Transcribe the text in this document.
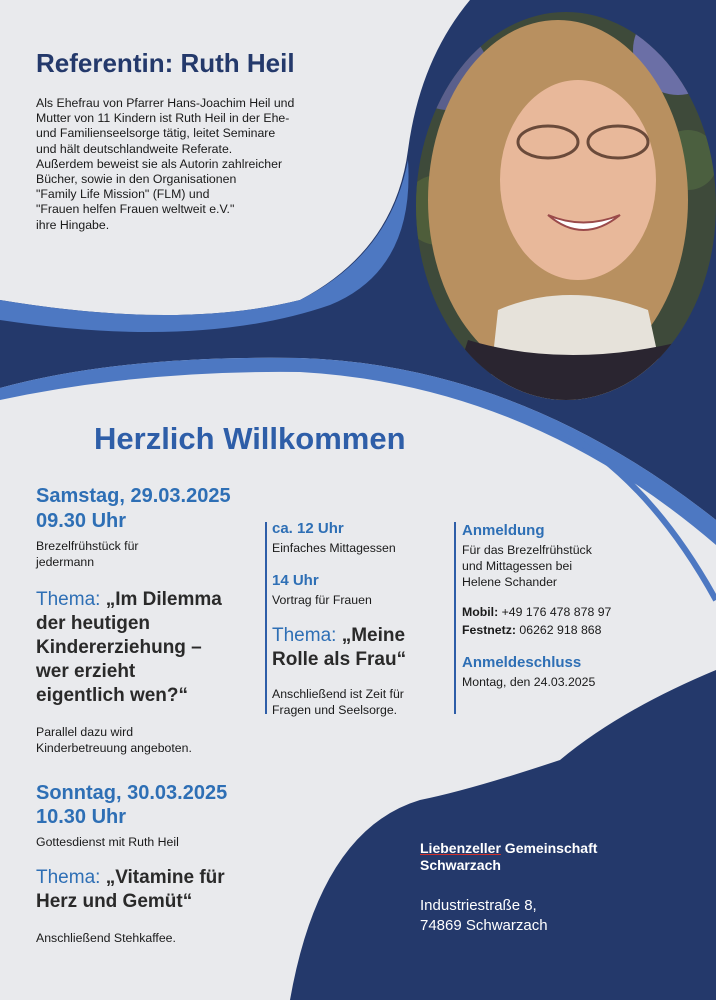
Referentin: Ruth Heil
Als Ehefrau von Pfarrer Hans-Joachim Heil und
Mutter von 11 Kindern ist Ruth Heil in der Ehe-
und Familienseelsorge tätig, leitet Seminare
und hält deutschlandweite Referate.
Außerdem beweist sie als Autorin zahlreicher
Bücher, sowie in den Organisationen
"Family Life Mission" (FLM) und
"Frauen helfen Frauen weltweit e.V."
ihre Hingabe.
Herzlich Willkommen
Samstag, 29.03.2025
09.30 Uhr
Brezelfrühstück für
jedermann
Thema: „Im Dilemma
der heutigen
Kindererziehung –
wer erzieht
eigentlich wen?“
Parallel dazu wird
Kinderbetreuung angeboten.
ca. 12 Uhr
Einfaches Mittagessen
14 Uhr
Vortrag für Frauen
Thema: „Meine
Rolle als Frau“
Anschließend ist Zeit für
Fragen und Seelsorge.
Anmeldung
Für das Brezelfrühstück
und Mittagessen bei
Helene Schander
Mobil: +49 176 478 878 97
Festnetz: 06262 918 868
Anmeldeschluss
Montag, den 24.03.2025
Sonntag, 30.03.2025
10.30 Uhr
Gottesdienst mit Ruth Heil
Thema: „Vitamine für
Herz und Gemüt“
Anschließend Stehkaffee.
Liebenzeller Gemeinschaft
Schwarzach
Industriestraße 8,
74869 Schwarzach
